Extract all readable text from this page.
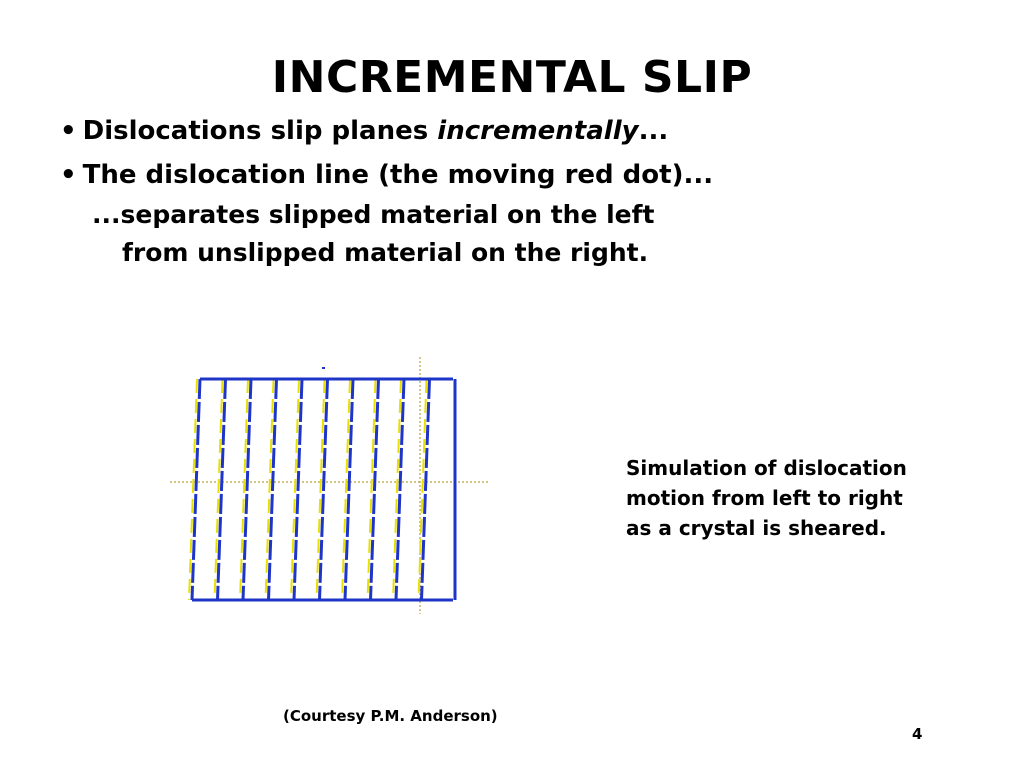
INCREMENTAL SLIP
• Dislocations slip planes incrementally...
• The dislocation line (the moving red dot)...
...separates slipped material on the left
from unslipped material on the right.
Simulation of dislocation
motion from left to right
as a crystal is sheared.
(Courtesy P.M. Anderson)
4
